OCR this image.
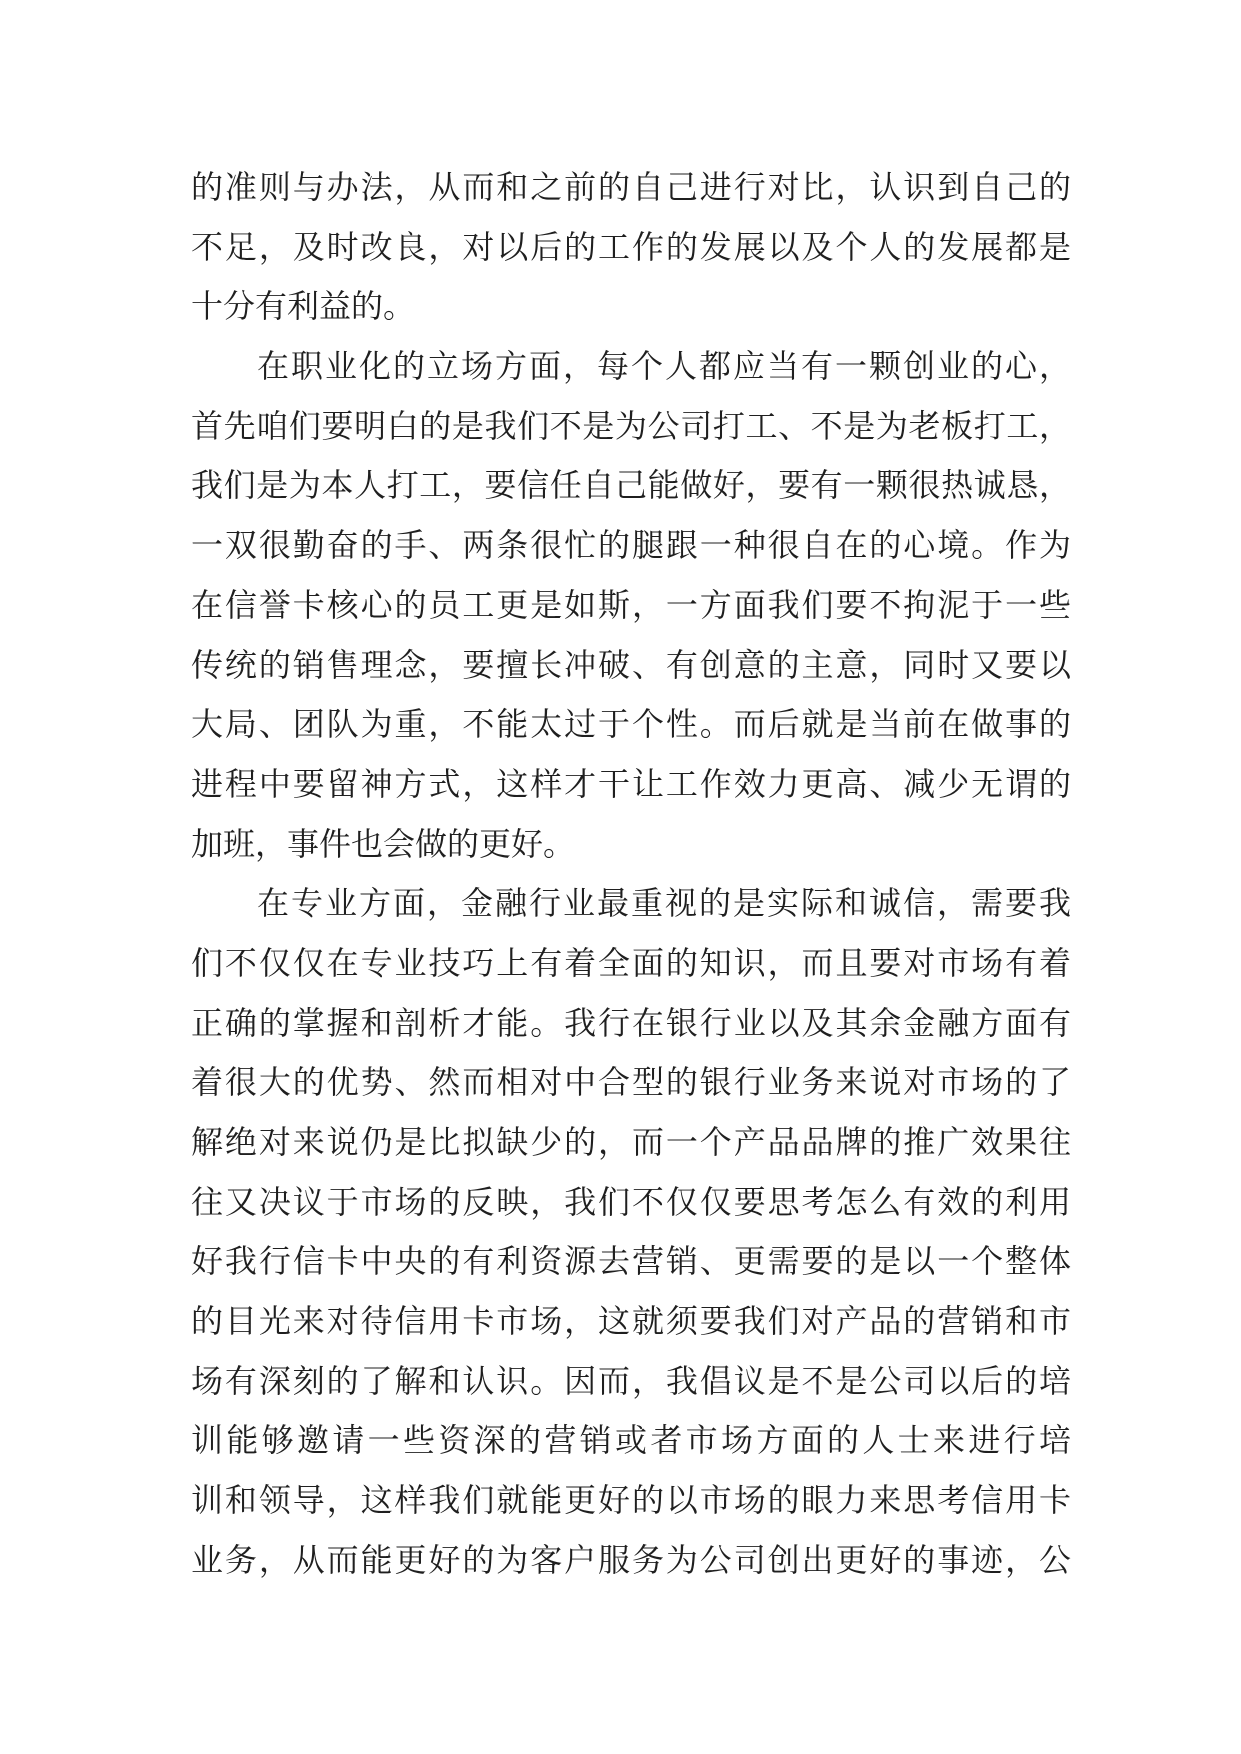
的准则与办法，从而和之前的自己进行对比，认识到自己的
不足，及时改良，对以后的工作的发展以及个人的发展都是
十分有利益的。
在职业化的立场方面，每个人都应当有一颗创业的心，
首先咱们要明白的是我们不是为公司打工、不是为老板打工，
我们是为本人打工，要信任自己能做好，要有一颗很热诚恳，
一双很勤奋的手、两条很忙的腿跟一种很自在的心境。作为
在信誉卡核心的员工更是如斯，一方面我们要不拘泥于一些
传统的销售理念，要擅长冲破、有创意的主意，同时又要以
大局、团队为重，不能太过于个性。而后就是当前在做事的
进程中要留神方式，这样才干让工作效力更高、减少无谓的
加班，事件也会做的更好。
在专业方面，金融行业最重视的是实际和诚信，需要我
们不仅仅在专业技巧上有着全面的知识，而且要对市场有着
正确的掌握和剖析才能。我行在银行业以及其余金融方面有
着很大的优势、然而相对中合型的银行业务来说对市场的了
解绝对来说仍是比拟缺少的，而一个产品品牌的推广效果往
往又决议于市场的反映，我们不仅仅要思考怎么有效的利用
好我行信卡中央的有利资源去营销、更需要的是以一个整体
的目光来对待信用卡市场，这就须要我们对产品的营销和市
场有深刻的了解和认识。因而，我倡议是不是公司以后的培
训能够邀请一些资深的营销或者市场方面的人士来进行培
训和领导，这样我们就能更好的以市场的眼力来思考信用卡
业务，从而能更好的为客户服务为公司创出更好的事迹，公
